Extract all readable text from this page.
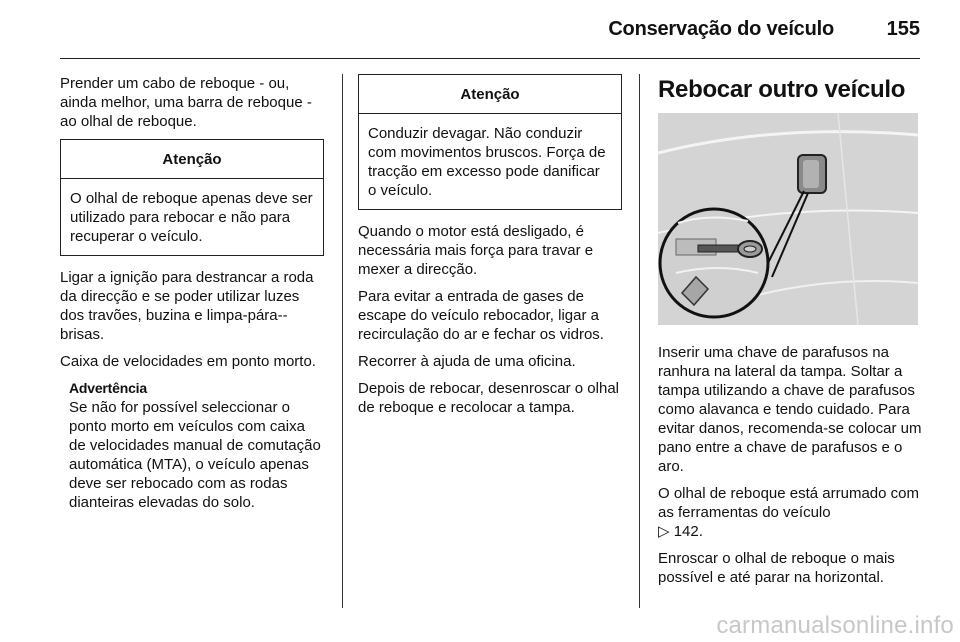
Conservação do veículo	155

Prender um cabo de reboque - ou, ainda melhor, uma barra de reboque - ao olhal de reboque.

Atenção
O olhal de reboque apenas deve ser utilizado para rebocar e não para recuperar o veículo.

Ligar a ignição para destrancar a roda da direcção e se poder utilizar luzes dos travões, buzina e limpa-pára--brisas.

Caixa de velocidades em ponto morto.

Advertência
Se não for possível seleccionar o ponto morto em veículos com caixa de velocidades manual de comutação automática (MTA), o veículo apenas deve ser rebocado com as rodas dianteiras elevadas do solo.
Atenção
Conduzir devagar. Não conduzir com movimentos bruscos. Força de tracção em excesso pode danificar o veículo.

Quando o motor está desligado, é necessária mais força para travar e mexer a direcção.

Para evitar a entrada de gases de escape do veículo rebocador, ligar a recirculação do ar e fechar os vidros.

Recorrer à ajuda de uma oficina.

Depois de rebocar, desenroscar o olhal de reboque e recolocar a tampa.

Rebocar outro veículo

Inserir uma chave de parafusos na ranhura na lateral da tampa. Soltar a tampa utilizando a chave de parafusos como alavanca e tendo cuidado. Para evitar danos, recomenda-se colocar um pano entre a chave de parafusos e o aro.

O olhal de reboque está arrumado com as ferramentas do veículo
▷ 142.

Enroscar o olhal de reboque o mais possível e até parar na horizontal.

carmanualsonline.info
